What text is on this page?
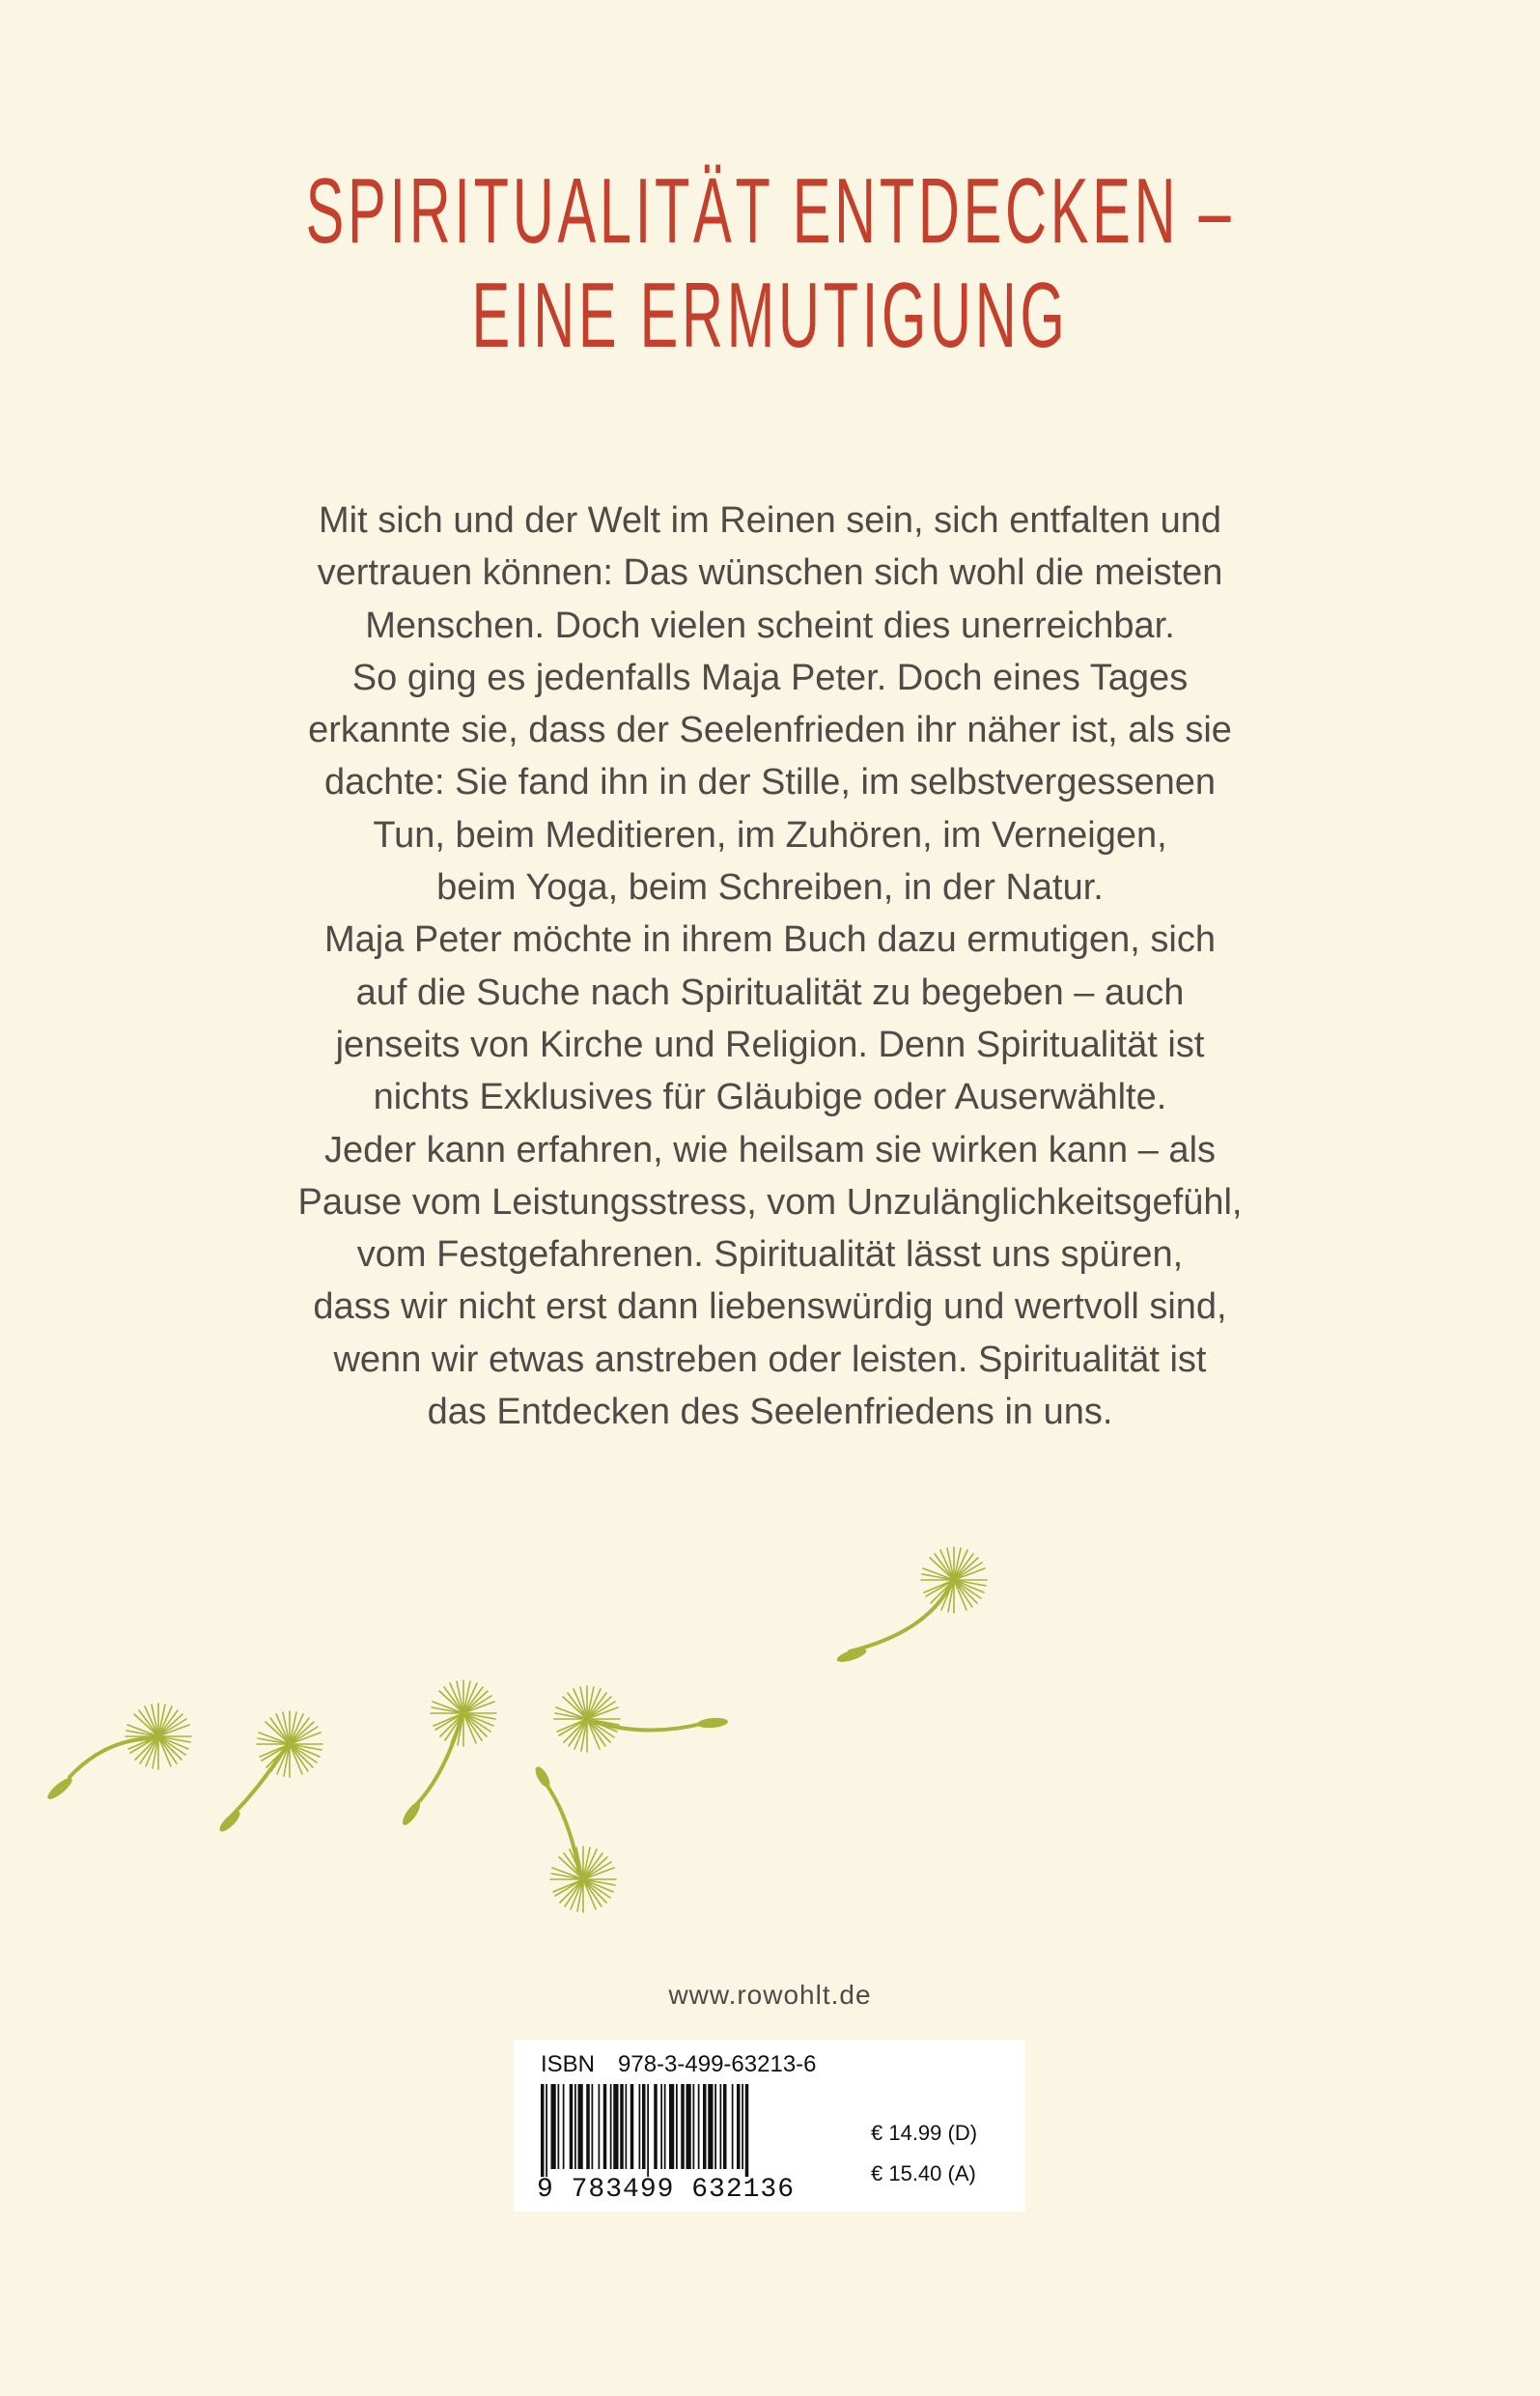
SPIRITUALITÄT ENTDECKEN –
EINE ERMUTIGUNG

Mit sich und der Welt im Reinen sein, sich entfalten und
vertrauen können: Das wünschen sich wohl die meisten
Menschen. Doch vielen scheint dies unerreichbar.
So ging es jedenfalls Maja Peter. Doch eines Tages
erkannte sie, dass der Seelenfrieden ihr näher ist, als sie
dachte: Sie fand ihn in der Stille, im selbstvergessenen
Tun, beim Meditieren, im Zuhören, im Verneigen,
beim Yoga, beim Schreiben, in der Natur.
Maja Peter möchte in ihrem Buch dazu ermutigen, sich
auf die Suche nach Spiritualität zu begeben – auch
jenseits von Kirche und Religion. Denn Spiritualität ist
nichts Exklusives für Gläubige oder Auserwählte.
Jeder kann erfahren, wie heilsam sie wirken kann – als
Pause vom Leistungsstress, vom Unzulänglichkeitsgefühl,
vom Festgefahrenen. Spiritualität lässt uns spüren,
dass wir nicht erst dann liebenswürdig und wertvoll sind,
wenn wir etwas anstreben oder leisten. Spiritualität ist
das Entdecken des Seelenfriedens in uns.

www.rowohlt.de
ISBN 978-3-499-63213-6
9 783499 632136
€ 14.99 (D)
€ 15.40 (A)
